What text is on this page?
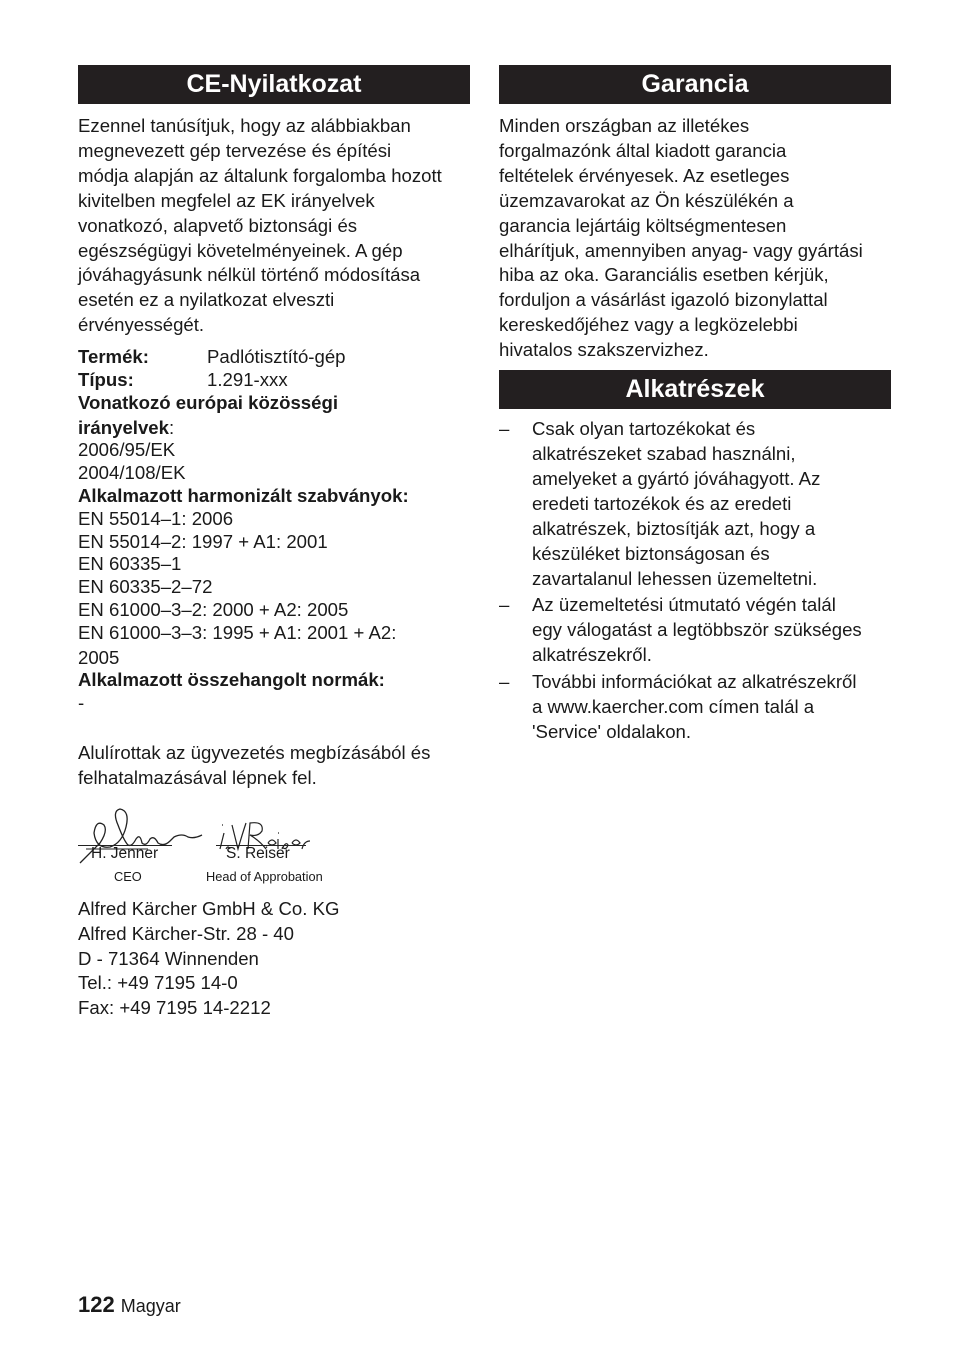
CE-Nyilatkozat
Ezennel tanúsítjuk, hogy az alábbiakban
megnevezett gép tervezése és építési
módja alapján az általunk forgalomba hozott
kivitelben megfelel az EK irányelvek
vonatkozó, alapvető biztonsági és
egészségügyi követelményeinek. A gép
jóváhagyásunk nélkül történő módosítása
esetén ez a nyilatkozat elveszti
érvényességét.
Termék:	Padlótisztító-gép
Típus:	1.291-xxx
Vonatkozó európai közösségi
irányelvek:
2006/95/EK
2004/108/EK
Alkalmazott harmonizált szabványok:
EN 55014–1: 2006
EN 55014–2: 1997 + A1: 2001
EN 60335–1
EN 60335–2–72
EN 61000–3–2: 2000 + A2: 2005
EN 61000–3–3: 1995 + A1: 2001 + A2:
2005
Alkalmazott összehangolt normák:
-
Alulírottak az ügyvezetés megbízásából és
felhatalmazásával lépnek fel.
H. Jenner
CEO
S. Reiser
Head of Approbation
Alfred Kärcher GmbH & Co. KG
Alfred Kärcher-Str. 28 - 40
D - 71364 Winnenden
Tel.: +49 7195 14-0
Fax: +49 7195 14-2212
Garancia
Minden országban az illetékes
forgalmazónk által kiadott garancia
feltételek érvényesek. Az esetleges
üzemzavarokat az Ön készülékén a
garancia lejártáig költségmentesen
elhárítjuk, amennyiben anyag- vagy gyártási
hiba az oka. Garanciális esetben kérjük,
forduljon a vásárlást igazoló bizonylattal
kereskedőjéhez vagy a legközelebbi
hivatalos szakszervizhez.
Alkatrészek
–	Csak olyan tartozékokat és
alkatrészeket szabad használni,
amelyeket a gyártó jóváhagyott. Az
eredeti tartozékok és az eredeti
alkatrészek, biztosítják azt, hogy a
készüléket biztonságosan és
zavartalanul lehessen üzemeltetni.
–	Az üzemeltetési útmutató végén talál
egy válogatást a legtöbbször szükséges
alkatrészekről.
–	További információkat az alkatrészekről
a www.kaercher.com címen talál a
'Service' oldalakon.
122 Magyar
